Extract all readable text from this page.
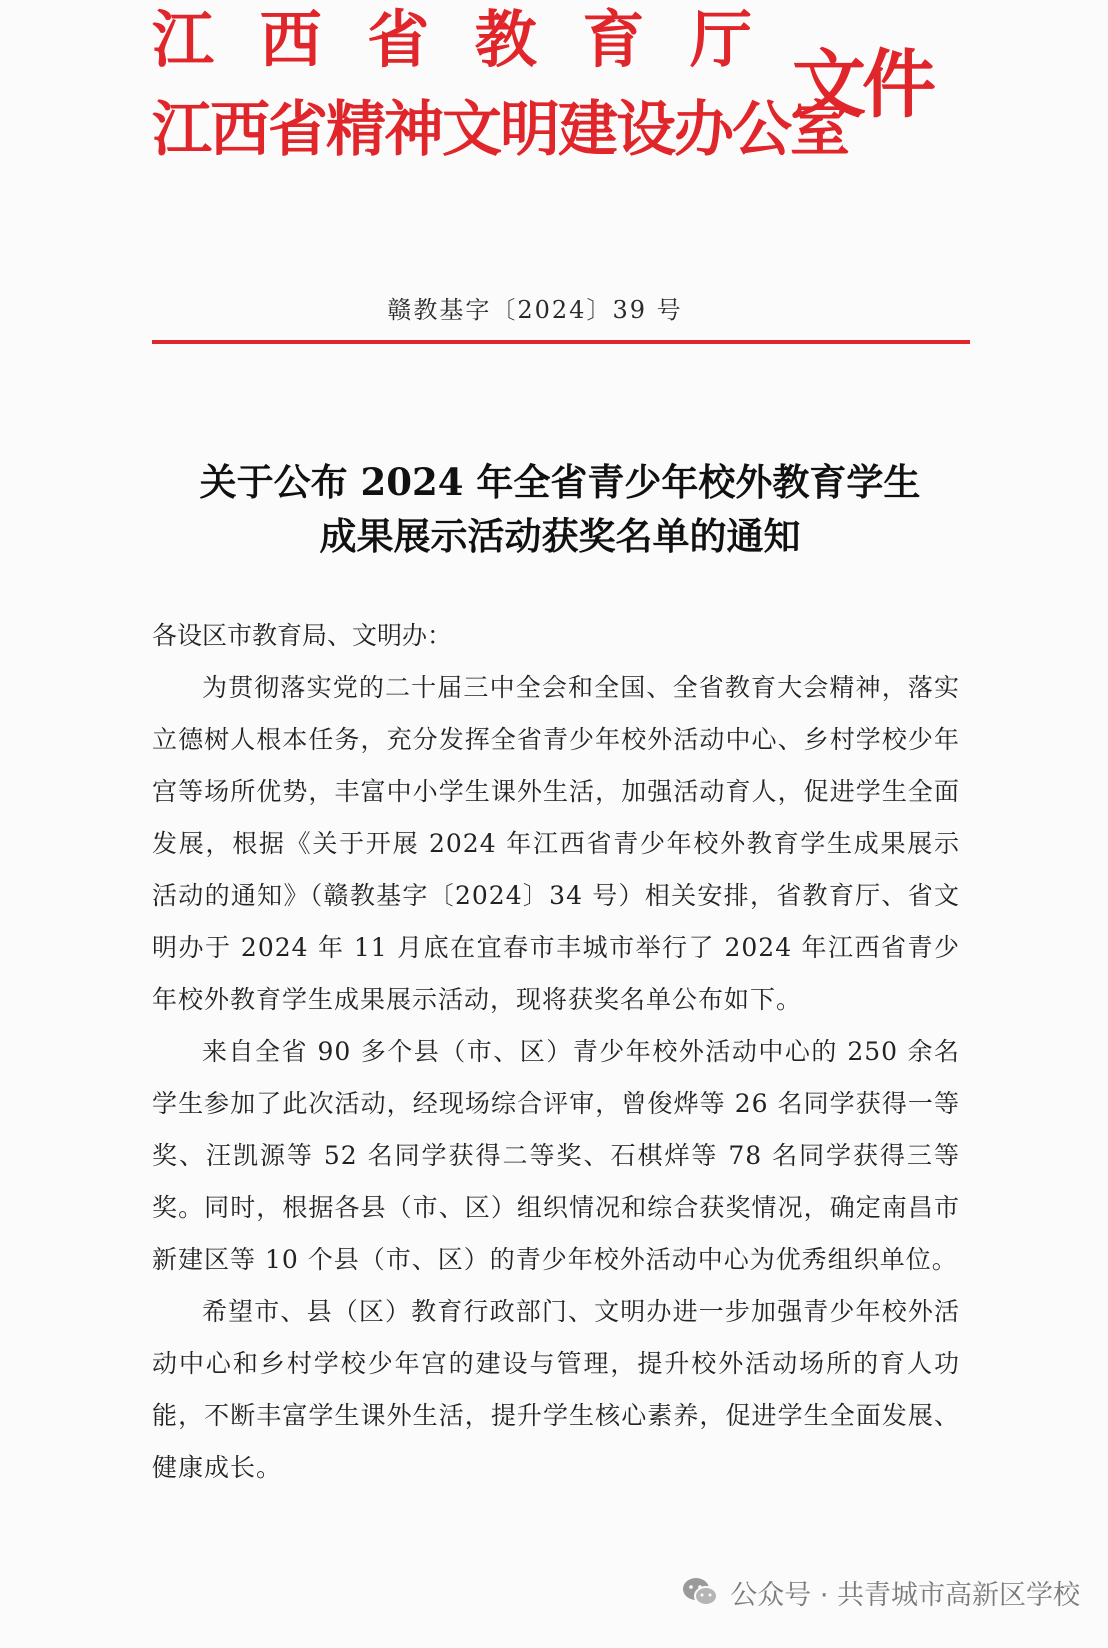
江 西 省 教 育 厅
江西省精神文明建设办公室
文件
赣教基字〔2024〕39 号
关于公布 2024 年全省青少年校外教育学生
成果展示活动获奖名单的通知

各设区市教育局、文明办：

为贯彻落实党的二十届三中全会和全国、全省教育大会精神，落实立德树人根本任务，充分发挥全省青少年校外活动中心、乡村学校少年宫等场所优势，丰富中小学生课外生活，加强活动育人，促进学生全面发展，根据《关于开展 2024 年江西省青少年校外教育学生成果展示活动的通知》（赣教基字〔2024〕34 号）相关安排，省教育厅、省文明办于 2024 年 11 月底在宜春市丰城市举行了 2024 年江西省青少年校外教育学生成果展示活动，现将获奖名单公布如下。

来自全省 90 多个县（市、区）青少年校外活动中心的 250 余名学生参加了此次活动，经现场综合评审，曾俊烨等 26 名同学获得一等奖、汪凯源等 52 名同学获得二等奖、石棋烊等 78 名同学获得三等奖。同时，根据各县（市、区）组织情况和综合获奖情况，确定南昌市新建区等 10 个县（市、区）的青少年校外活动中心为优秀组织单位。

希望市、县（区）教育行政部门、文明办进一步加强青少年校外活动中心和乡村学校少年宫的建设与管理，提升校外活动场所的育人功能，不断丰富学生课外生活，提升学生核心素养，促进学生全面发展、健康成长。

公众号 · 共青城市高新区学校
